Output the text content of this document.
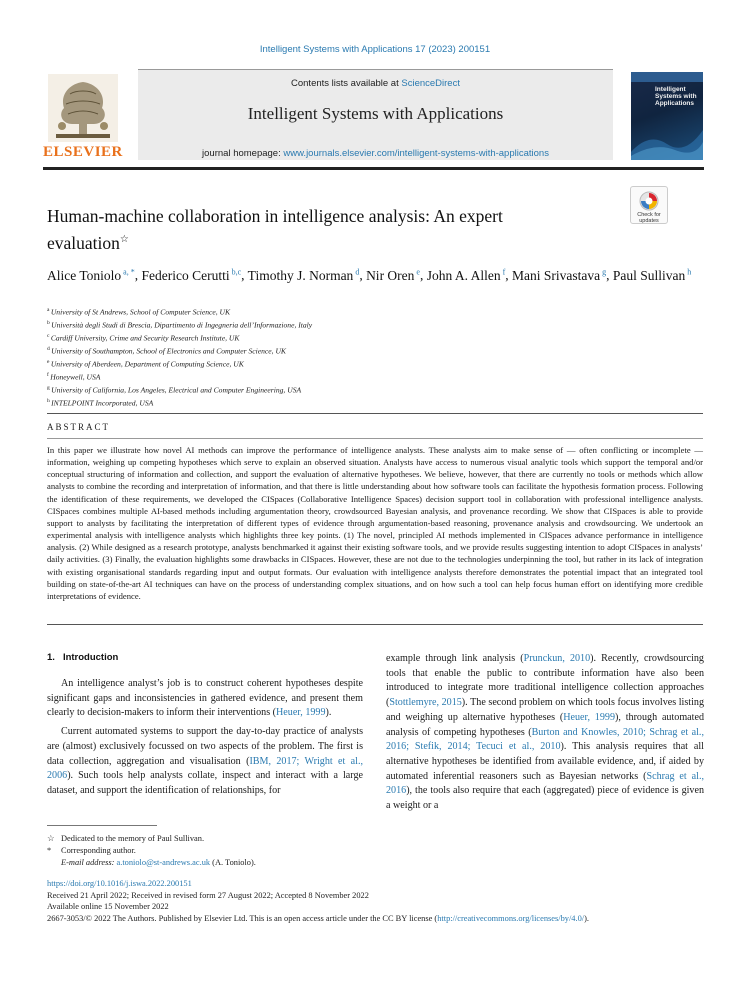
Intelligent Systems with Applications 17 (2023) 200151
Contents lists available at ScienceDirect
Intelligent Systems with Applications
journal homepage: www.journals.elsevier.com/intelligent-systems-with-applications
ELSEVIER
Intelligent Systems with Applications
Human-machine collaboration in intelligence analysis: An expert evaluation☆
Check for updates
Alice Toniolo $^{a, *}$, Federico Cerutti $^{b,c}$, Timothy J. Norman $^d$, Nir Oren $^e$, John A. Allen $^f$, Mani Srivastava $^g$, Paul Sullivan $^h$
$^a$ University of St Andrews, School of Computer Science, UK
$^b$ Università degli Studi di Brescia, Dipartimento di Ingegneria dell’Informazione, Italy
$^c$ Cardiff University, Crime and Security Research Institute, UK
$^d$ University of Southampton, School of Electronics and Computer Science, UK
$^e$ University of Aberdeen, Department of Computing Science, UK
$^f$ Honeywell, USA
$^g$ University of California, Los Angeles, Electrical and Computer Engineering, USA
$^h$ INTELPOINT Incorporated, USA
ABSTRACT
In this paper we illustrate how novel AI methods can improve the performance of intelligence analysts. These analysts aim to make sense of — often conflicting or incomplete — information, weighing up competing hypotheses which serve to explain an observed situation. Analysts have access to numerous visual analytic tools which support the temporal and/or conceptual structuring of information and collection, and support the evaluation of alternative hypotheses. We believe, however, that there are currently no tools or methods which allow analysts to combine the recording and interpretation of information, and that there is little understanding about how software tools can facilitate the hypothesis formation process. Following the identification of these requirements, we developed the CISpaces (Collaborative Intelligence Spaces) decision support tool in collaboration with professional intelligence analysts. CISpaces combines multiple AI-based methods including argumentation theory, crowdsourced Bayesian analysis, and provenance recording. We show that CISpaces is able to provide support to analysts by facilitating the interpretation of different types of evidence through argumentation-based reasoning, provenance analysis and crowdsourcing. We undertook an experimental analysis with intelligence analysts which highlights three key points. (1) The novel, principled AI methods implemented in CISpaces advance performance in intelligence analysis. (2) While designed as a research prototype, analysts benchmarked it against their existing software tools, and we provide results suggesting intention to adopt CISpaces in analysts’ daily activities. (3) Finally, the evaluation highlights some drawbacks in CISpaces. However, these are not due to the technologies underpinning the tool, but rather in its lack of integration with existing organisational standards regarding input and output formats. Our evaluation with intelligence analysts therefore demonstrates the potential impact that an integrated tool building on state-of-the-art AI techniques can have on the process of understanding complex situations, and on how such a tool can help focus human effort on identifying more credible interpretations of evidence.
1. Introduction
An intelligence analyst’s job is to construct coherent hypotheses despite significant gaps and inconsistencies in gathered evidence, and present them clearly to decision-makers to inform their interventions (Heuer, 1999).
Current automated systems to support the day-to-day practice of analysts are (almost) exclusively focussed on two aspects of the problem. The first is data collection, aggregation and visualisation (IBM, 2017; Wright et al., 2006). Such tools help analysts collate, inspect and interact with a large dataset, and support the identification of relationships, for
example through link analysis (Prunckun, 2010). Recently, crowdsourcing tools that enable the public to contribute information have also been introduced to integrate more traditional intelligence collection approaches (Stottlemyre, 2015). The second problem on which tools focus involves listing and weighing up alternative hypotheses (Heuer, 1999), through automated analysis of competing hypotheses (Burton and Knowles, 2010; Schrag et al., 2016; Stefik, 2014; Tecuci et al., 2010). This analysis requires that all alternative hypotheses be identified from available evidence, and, if aided by automated inferential reasoners such as Bayesian networks (Schrag et al., 2016), the tools also require that each (aggregated) piece of evidence is given a weight or a
☆ Dedicated to the memory of Paul Sullivan.
* Corresponding author.
E-mail address: a.toniolo@st-andrews.ac.uk (A. Toniolo).
https://doi.org/10.1016/j.iswa.2022.200151
Received 21 April 2022; Received in revised form 27 August 2022; Accepted 8 November 2022
Available online 15 November 2022
2667-3053/© 2022 The Authors. Published by Elsevier Ltd. This is an open access article under the CC BY license (http://creativecommons.org/licenses/by/4.0/).
